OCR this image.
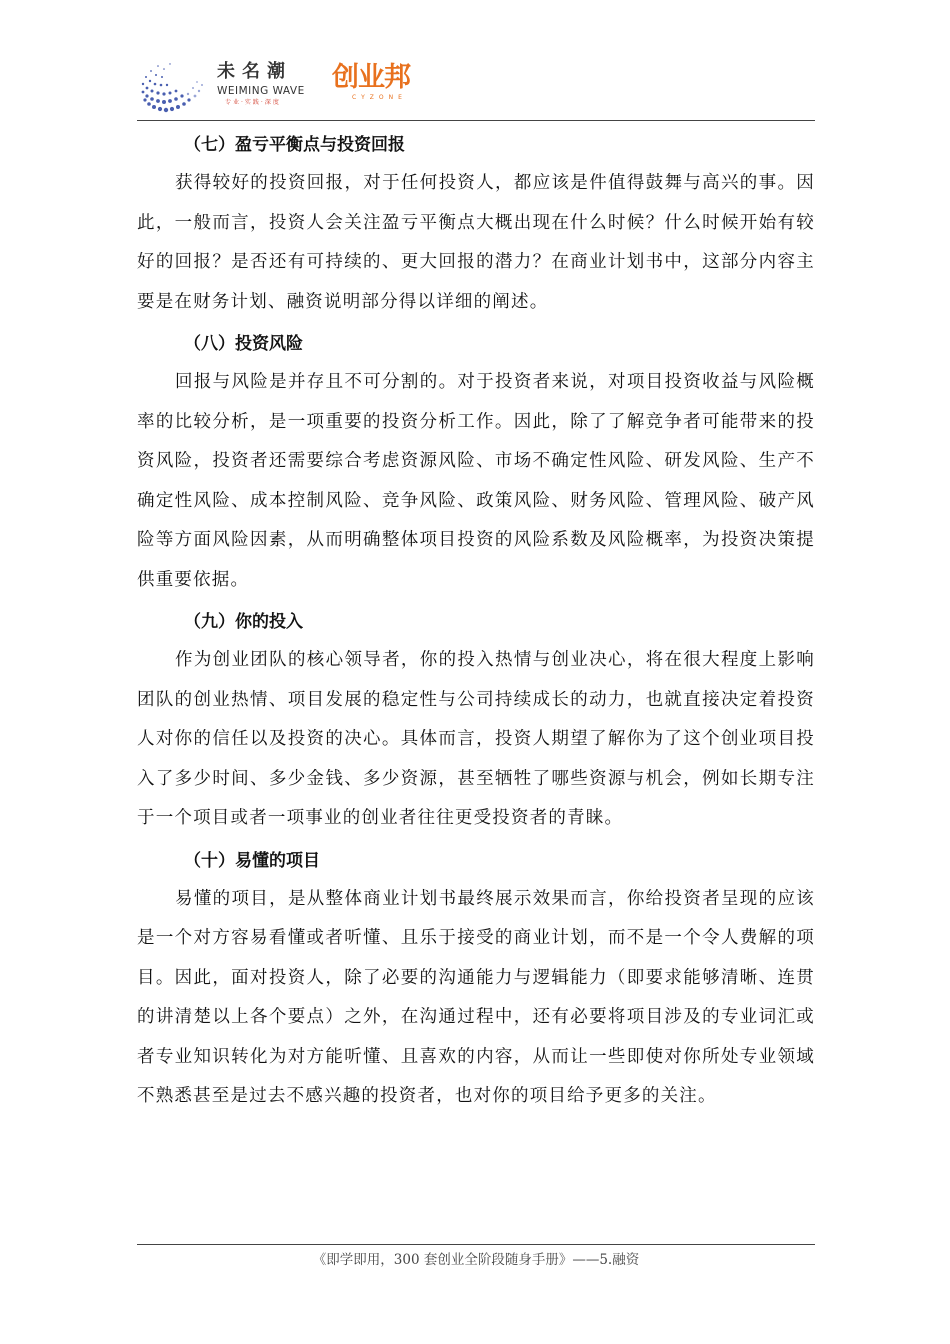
未名潮
WEIMING WAVE
专业·实践·深度
创业邦
CYZONE
（七）盈亏平衡点与投资回报

获得较好的投资回报，对于任何投资人，都应该是件值得鼓舞与高兴的事。因此，一般而言，投资人会关注盈亏平衡点大概出现在什么时候？什么时候开始有较好的回报？是否还有可持续的、更大回报的潜力？在商业计划书中，这部分内容主要是在财务计划、融资说明部分得以详细的阐述。

（八）投资风险

回报与风险是并存且不可分割的。对于投资者来说，对项目投资收益与风险概率的比较分析，是一项重要的投资分析工作。因此，除了了解竞争者可能带来的投资风险，投资者还需要综合考虑资源风险、市场不确定性风险、研发风险、生产不确定性风险、成本控制风险、竞争风险、政策风险、财务风险、管理风险、破产风险等方面风险因素，从而明确整体项目投资的风险系数及风险概率，为投资决策提供重要依据。

（九）你的投入

作为创业团队的核心领导者，你的投入热情与创业决心，将在很大程度上影响团队的创业热情、项目发展的稳定性与公司持续成长的动力，也就直接决定着投资人对你的信任以及投资的决心。具体而言，投资人期望了解你为了这个创业项目投入了多少时间、多少金钱、多少资源，甚至牺牲了哪些资源与机会，例如长期专注于一个项目或者一项事业的创业者往往更受投资者的青睐。

（十）易懂的项目

易懂的项目，是从整体商业计划书最终展示效果而言，你给投资者呈现的应该是一个对方容易看懂或者听懂、且乐于接受的商业计划，而不是一个令人费解的项目。因此，面对投资人，除了必要的沟通能力与逻辑能力（即要求能够清晰、连贯的讲清楚以上各个要点）之外，在沟通过程中，还有必要将项目涉及的专业词汇或者专业知识转化为对方能听懂、且喜欢的内容，从而让一些即使对你所处专业领域不熟悉甚至是过去不感兴趣的投资者，也对你的项目给予更多的关注。

《即学即用，300 套创业全阶段随身手册》——5.融资
